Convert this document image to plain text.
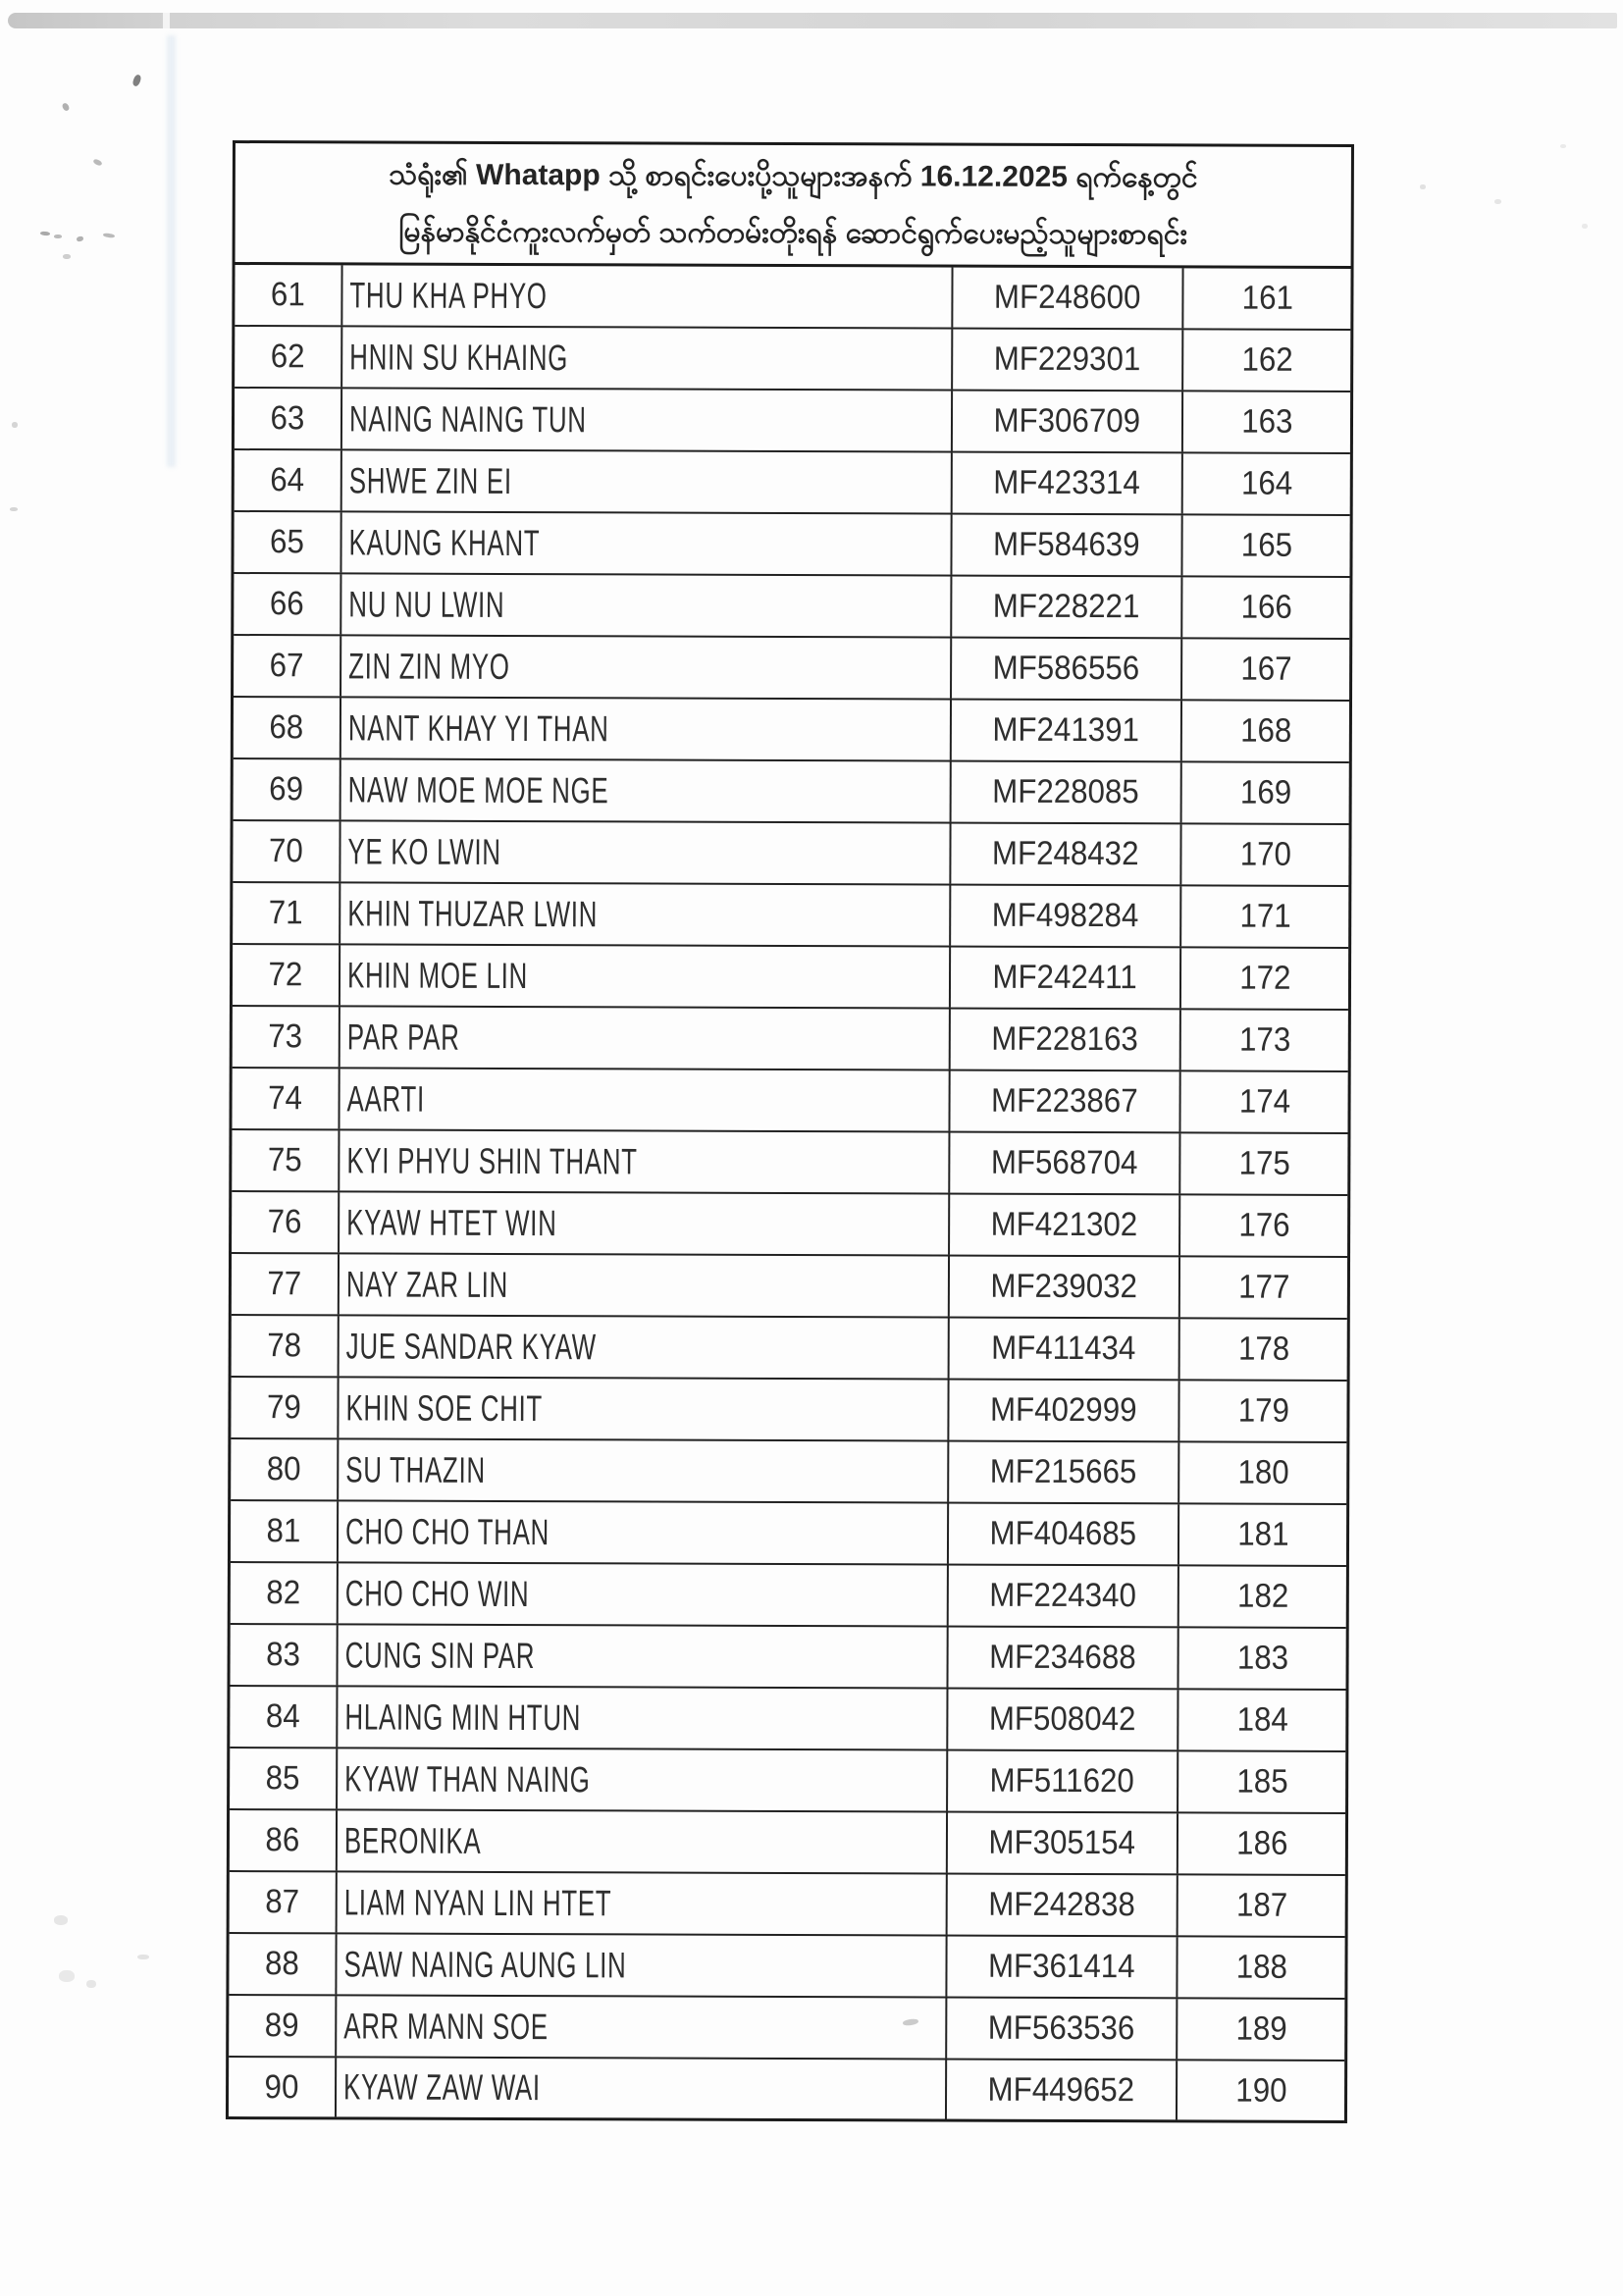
သံရုံး၏ Whatapp သို့ စာရင်းပေးပို့သူများအနက် 16.12.2025 ရက်နေ့တွင်
မြန်မာနိုင်ငံကူးလက်မှတ် သက်တမ်းတိုးရန် ဆောင်ရွက်ပေးမည့်သူများစာရင်း
61 THU KHA PHYO	MF248600	161
62 HNIN SU KHAING	MF229301	162
63 NAING NAING TUN	MF306709	163
64 SHWE ZIN EI	MF423314	164
65 KAUNG KHANT	MF584639	165
66 NU NU LWIN	MF228221	166
67 ZIN ZIN MYO	MF586556	167
68 NANT KHAY YI THAN	MF241391	168
69 NAW MOE MOE NGE	MF228085	169
70 YE KO LWIN	MF248432	170
71 KHIN THUZAR LWIN	MF498284	171
72 KHIN MOE LIN	MF242411	172
73 PAR PAR	MF228163	173
74 AARTI	MF223867	174
75 KYI PHYU SHIN THANT	MF568704	175
76 KYAW HTET WIN	MF421302	176
77 NAY ZAR LIN	MF239032	177
78 JUE SANDAR KYAW	MF411434	178
79 KHIN SOE CHIT	MF402999	179
80 SU THAZIN	MF215665	180
81 CHO CHO THAN	MF404685	181
82 CHO CHO WIN	MF224340	182
83 CUNG SIN PAR	MF234688	183
84 HLAING MIN HTUN	MF508042	184
85 KYAW THAN NAING	MF511620	185
86 BERONIKA	MF305154	186
87 LIAM NYAN LIN HTET	MF242838	187
88 SAW NAING AUNG LIN	MF361414	188
89 ARR MANN SOE	MF563536	189
90 KYAW ZAW WAI	MF449652	190
